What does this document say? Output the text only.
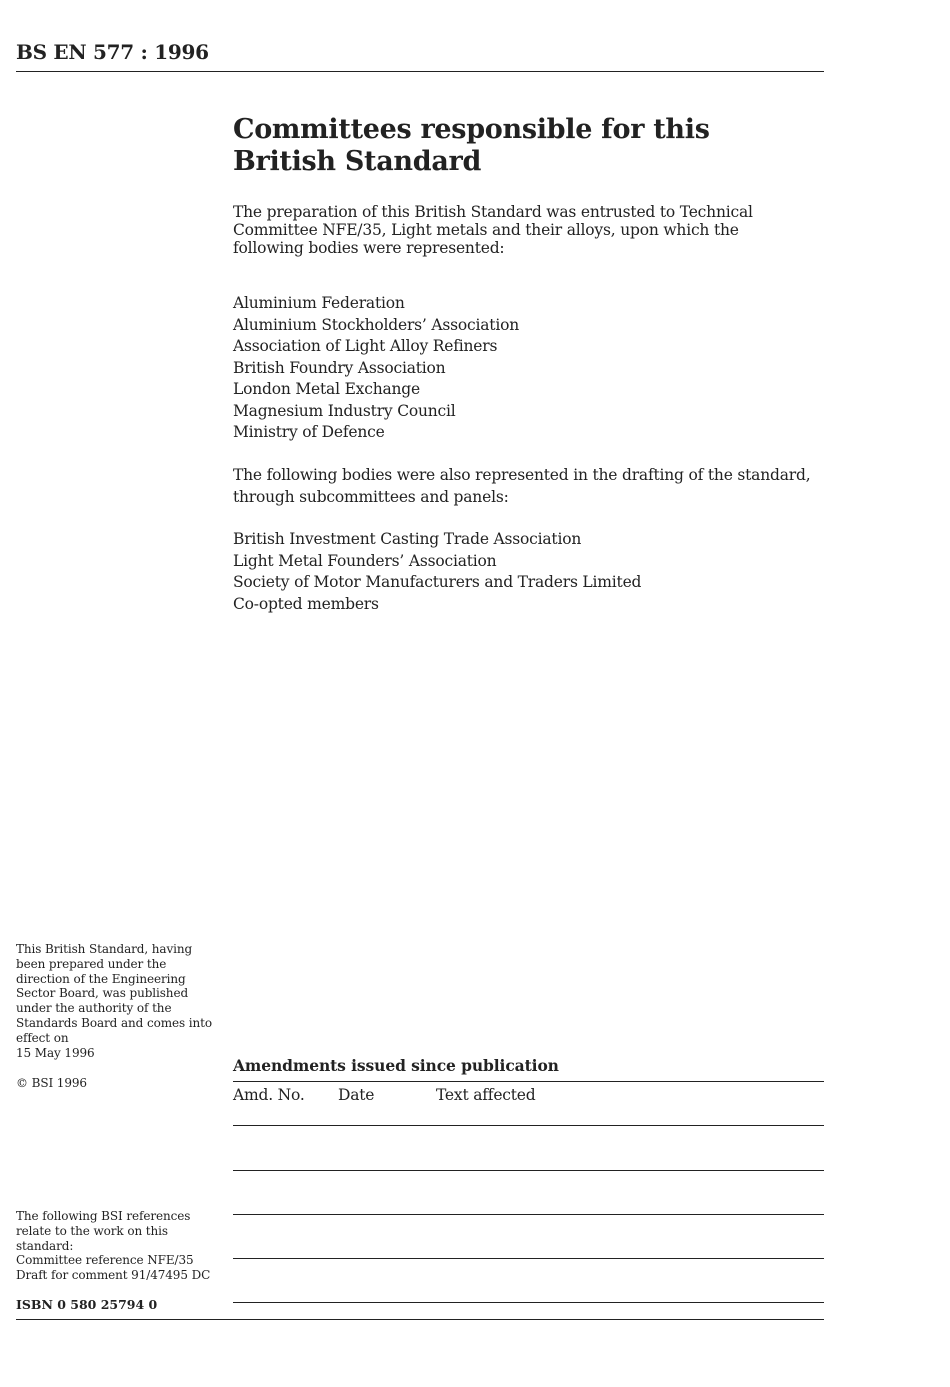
BS EN 577 : 1996
Committees responsible for this
British Standard

The preparation of this British Standard was entrusted to Technical Committee NFE/35, Light metals and their alloys, upon which the following bodies were represented:

Aluminium Federation
Aluminium Stockholders’ Association
Association of Light Alloy Refiners
British Foundry Association
London Metal Exchange
Magnesium Industry Council
Ministry of Defence

The following bodies were also represented in the drafting of the standard, through subcommittees and panels:

British Investment Casting Trade Association
Light Metal Founders’ Association
Society of Motor Manufacturers and Traders Limited
Co-opted members
This British Standard, having
been prepared under the
direction of the Engineering
Sector Board, was published
under the authority of the
Standards Board and comes into
effect on
15 May 1996
© BSI 1996
The following BSI references
relate to the work on this
standard:
Committee reference NFE/35
Draft for comment 91/47495 DC
ISBN 0 580 25794 0
Amendments issued since publication
Amd. No. Date	Text affected
